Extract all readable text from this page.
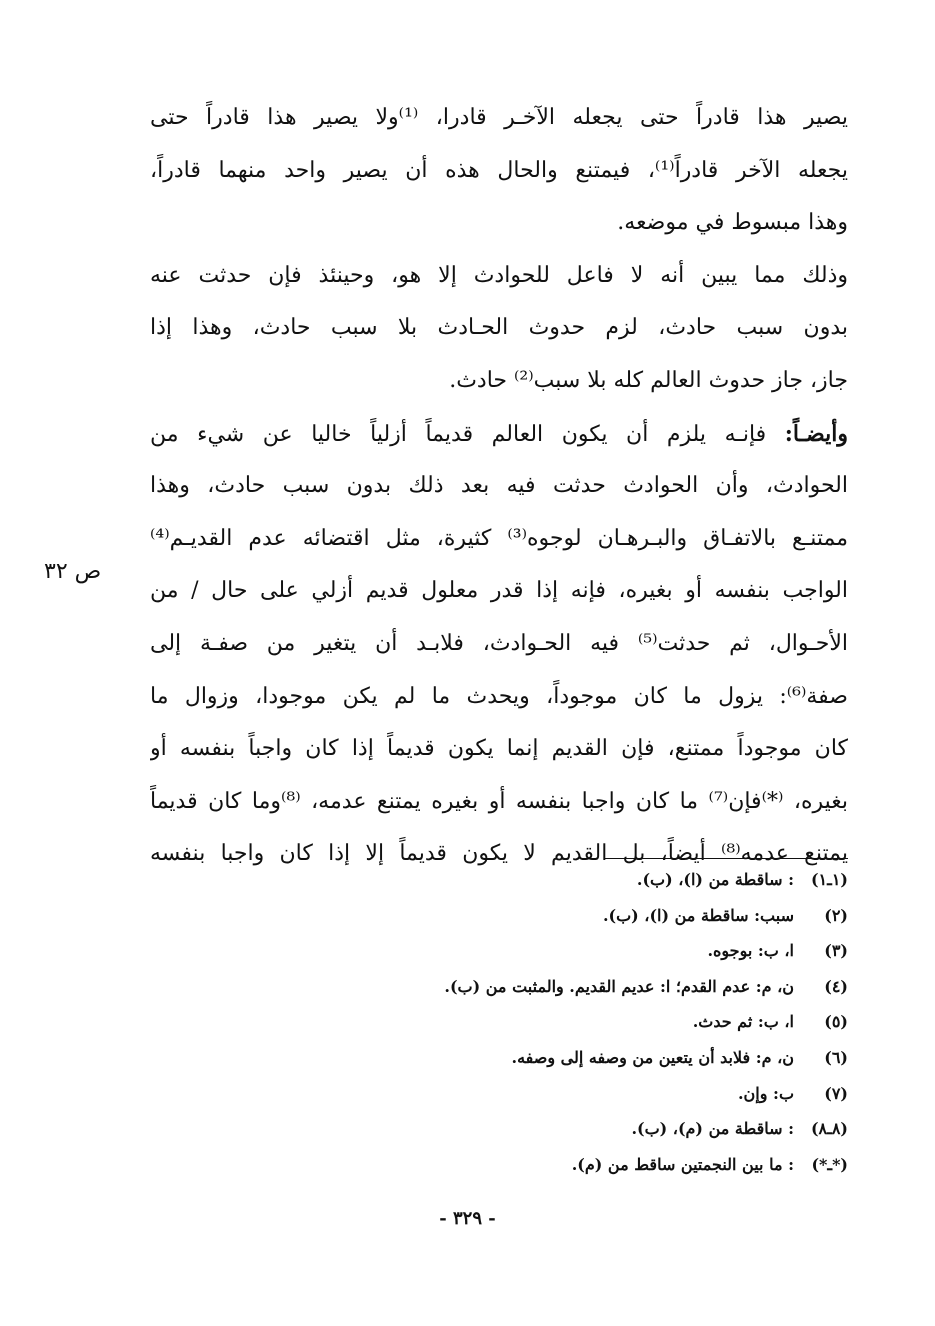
يصير هذا قادراً حتى يجعله الآخـر قادرا، ⁽¹⁾ولا يصير هذا قادراً حتى
يجعله الآخر قادراً⁽¹⁾، فيمتنع والحال هذه أن يصير واحد منهما قادراً،
وهذا مبسوط في موضعه.
وذلك مما يبين أنه لا فاعل للحوادث إلا هو، وحينئذ فإن حدثت عنه
بدون سبب حادث، لزم حدوث الحـادث بلا سبب حادث، وهذا إذا
جاز، جاز حدوث العالم كله بلا سبب⁽²⁾ حادث.
وأيضـاً: فإنـه يلزم أن يكون العالم قديماً أزلياً خاليا عن شيء من
الحوادث، وأن الحوادث حدثت فيه بعد ذلك بدون سبب حادث، وهذا
ممتنـع بالاتفـاق والبـرهـان لوجوه⁽³⁾ كثيرة، مثل اقتضائه عدم القديـم⁽⁴⁾
الواجب بنفسه أو بغيره، فإنه إذا قدر معلول قديم أزلي على حال / من
الأحـوال، ثم حدثت⁽⁵⁾ فيه الحـوادث، فلابـد أن يتغير من صفـة إلى
صفة⁽⁶⁾: يزول ما كان موجوداً، ويحدث ما لم يكن موجودا، وزوال ما
كان موجوداً ممتنع، فإن القديم إنما يكون قديماً إذا كان واجباً بنفسه أو
بغيره، ⁽*⁾فإن⁽⁷⁾ ما كان واجبا بنفسه أو بغيره يمتنع عدمه، ⁽⁸⁾وما كان قديماً
يمتنع عدمه⁽⁸⁾ أيضاً، بل القديم لا يكون قديماً إلا إذا كان واجبا بنفسه
ص ٣٢
(١ـ١): ساقطة من (ا)، (ب).
(٢)سبب: ساقطة من (ا)، (ب).
(٣)ا، ب: بوجوه.
(٤)ن، م: عدم القدم؛ ا: عديم القديم. والمثبت من (ب).
(٥)ا، ب: ثم حدث.
(٦)ن، م: فلابد أن يتعين من وصفه إلى وصفه.
(٧)ب: وإن.
(٨ـ٨): ساقطة من (م)، (ب).
(*ـ*): ما بين النجمتين ساقط من (م).
- ٣٢٩ -
